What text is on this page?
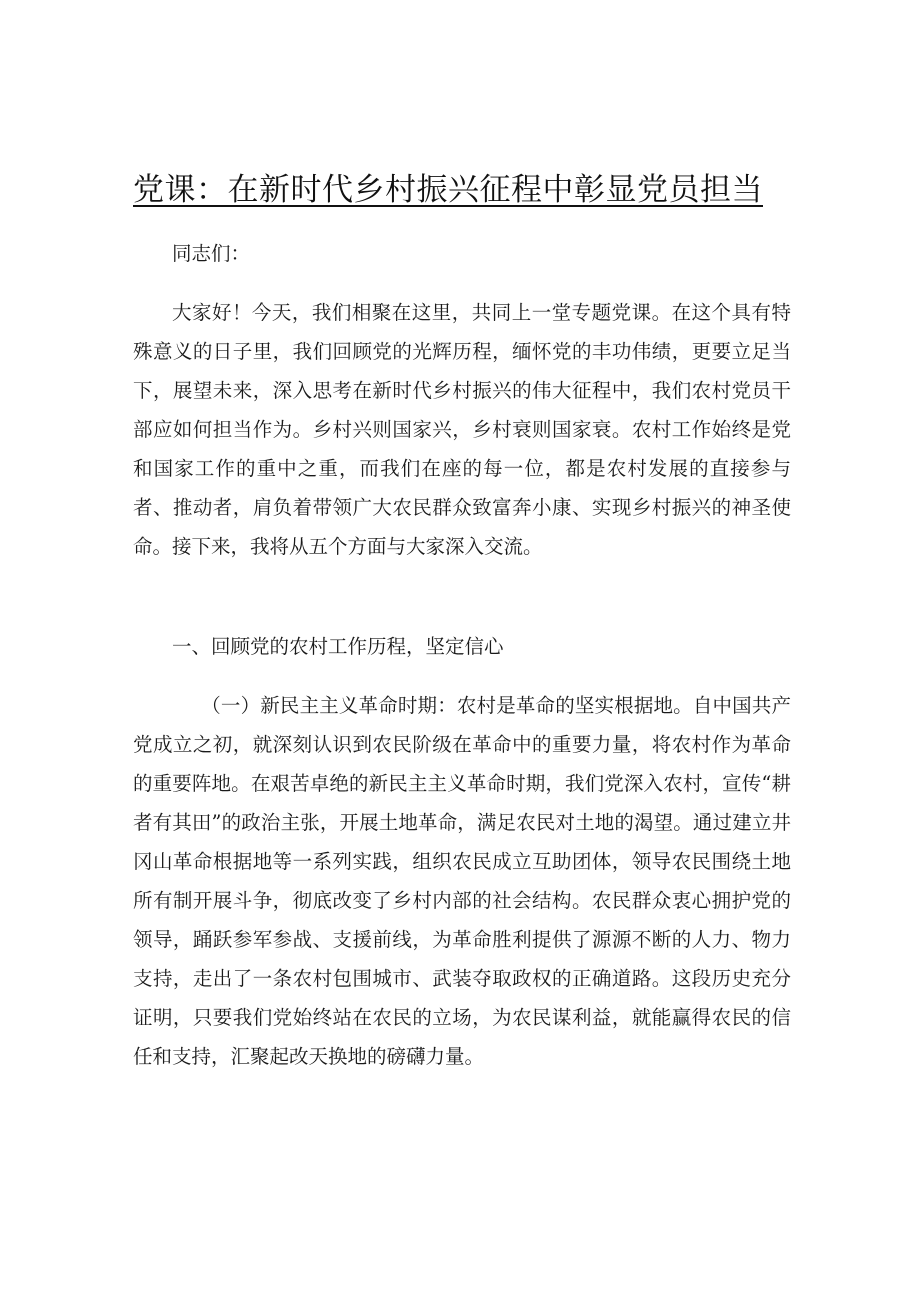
党课：在新时代乡村振兴征程中彰显党员担当

同志们：

大家好！今天，我们相聚在这里，共同上一堂专题党课。在这个具有特殊意义的日子里，我们回顾党的光辉历程，缅怀党的丰功伟绩，更要立足当下，展望未来，深入思考在新时代乡村振兴的伟大征程中，我们农村党员干部应如何担当作为。乡村兴则国家兴，乡村衰则国家衰。农村工作始终是党和国家工作的重中之重，而我们在座的每一位，都是农村发展的直接参与者、推动者，肩负着带领广大农民群众致富奔小康、实现乡村振兴的神圣使命。接下来，我将从五个方面与大家深入交流。

一、回顾党的农村工作历程，坚定信心

（一）新民主主义革命时期：农村是革命的坚实根据地。自中国共产党成立之初，就深刻认识到农民阶级在革命中的重要力量，将农村作为革命的重要阵地。在艰苦卓绝的新民主主义革命时期，我们党深入农村，宣传“耕者有其田”的政治主张，开展土地革命，满足农民对土地的渴望。通过建立井冈山革命根据地等一系列实践，组织农民成立互助团体，领导农民围绕土地所有制开展斗争，彻底改变了乡村内部的社会结构。农民群众衷心拥护党的领导，踊跃参军参战、支援前线，为革命胜利提供了源源不断的人力、物力支持，走出了一条农村包围城市、武装夺取政权的正确道路。这段历史充分证明，只要我们党始终站在农民的立场，为农民谋利益，就能赢得农民的信任和支持，汇聚起改天换地的磅礴力量。
